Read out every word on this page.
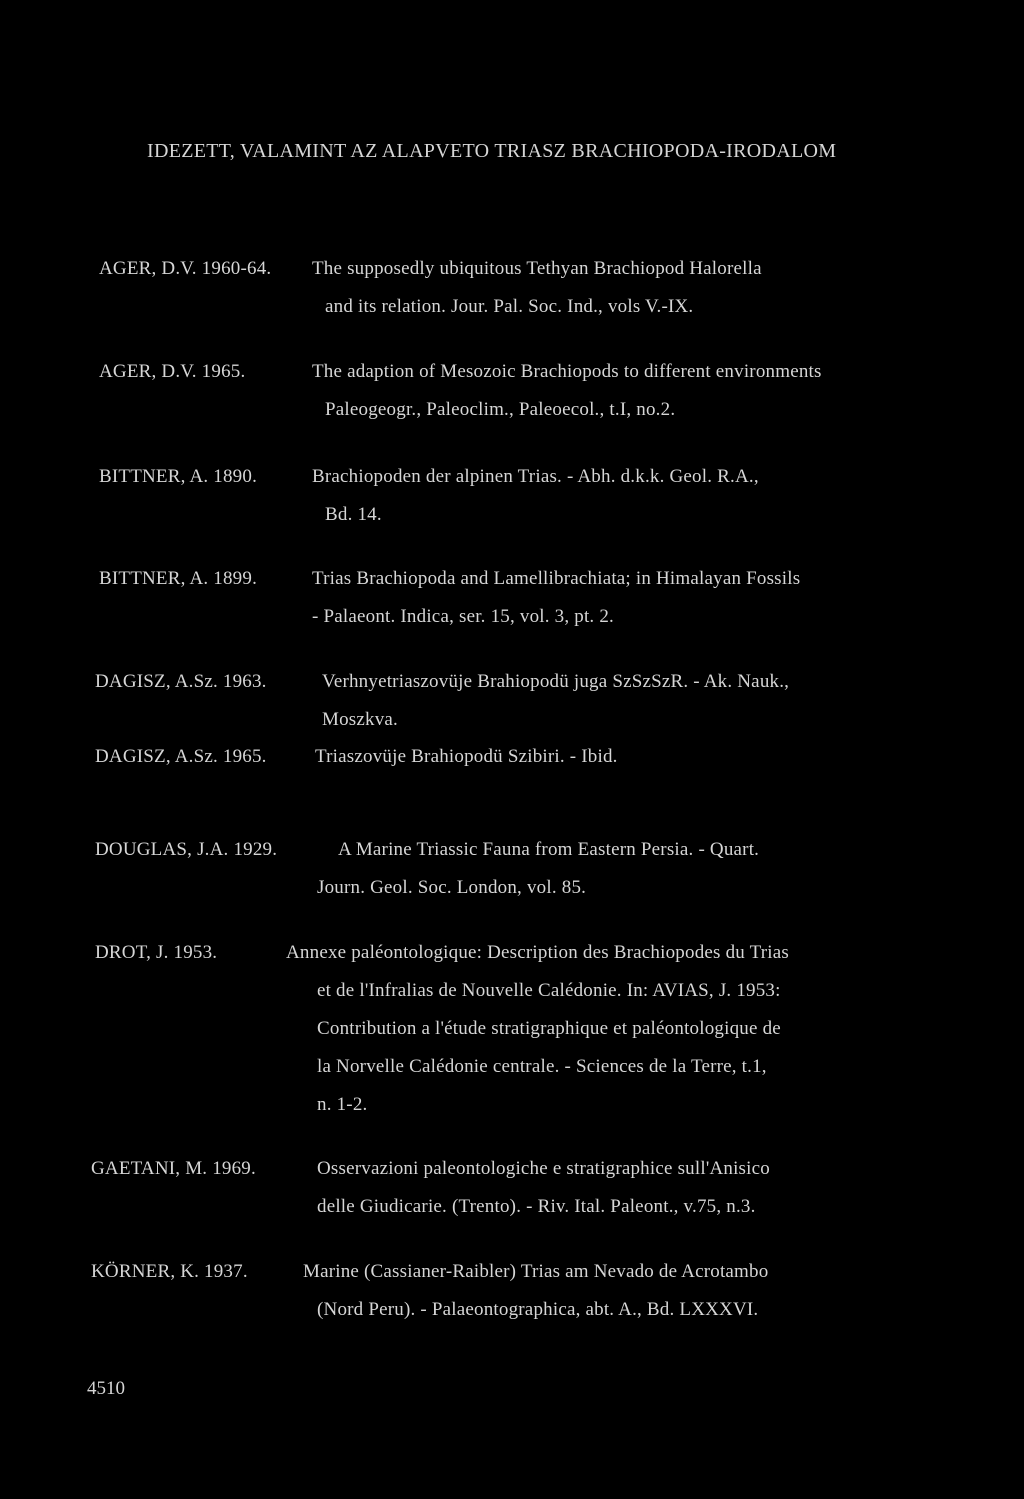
IDEZETT, VALAMINT AZ ALAPVETO TRIASZ BRACHIOPODA-IRODALOM
AGER, D.V. 1960-64. The supposedly ubiquitous Tethyan Brachiopod Halorella
and its relation. Jour. Pal. Soc. Ind., vols V.-IX.
AGER, D.V. 1965.	The adaption of Mesozoic Brachiopods to different environments
Paleogeogr., Paleoclim., Paleoecol., t.I, no.2.
BITTNER, A. 1890.	Brachiopoden der alpinen Trias. - Abh. d.k.k. Geol. R.A.,
Bd. 14.
BITTNER, A. 1899.	Trias Brachiopoda and Lamellibrachiata; in Himalayan Fossils
- Palaeont. Indica, ser. 15, vol. 3, pt. 2.
DAGISZ, A.Sz. 1963.	Verhnyetriaszovüje Brahiopodü juga SzSzSzR. - Ak. Nauk.,
Moszkva.
DAGISZ, A.Sz. 1965.	Triaszovüje Brahiopodü Szibiri. - Ibid.
DOUGLAS, J.A. 1929.	A Marine Triassic Fauna from Eastern Persia. - Quart.
Journ. Geol. Soc. London, vol. 85.
DROT, J. 1953.	Annexe paléontologique: Description des Brachiopodes du Trias
et de l'Infralias de Nouvelle Calédonie. In: AVIAS, J. 1953:
Contribution a l'étude stratigraphique et paléontologique de
la Norvelle Calédonie centrale. - Sciences de la Terre, t.1,
n. 1-2.
GAETANI, M. 1969.	Osservazioni paleontologiche e stratigraphice sull'Anisico
delle Giudicarie. (Trento). - Riv. Ital. Paleont., v.75, n.3.
KÖRNER, K. 1937.	Marine (Cassianer-Raibler) Trias am Nevado de Acrotambo
(Nord Peru). - Palaeontographica, abt. A., Bd. LXXXVI.
4510
